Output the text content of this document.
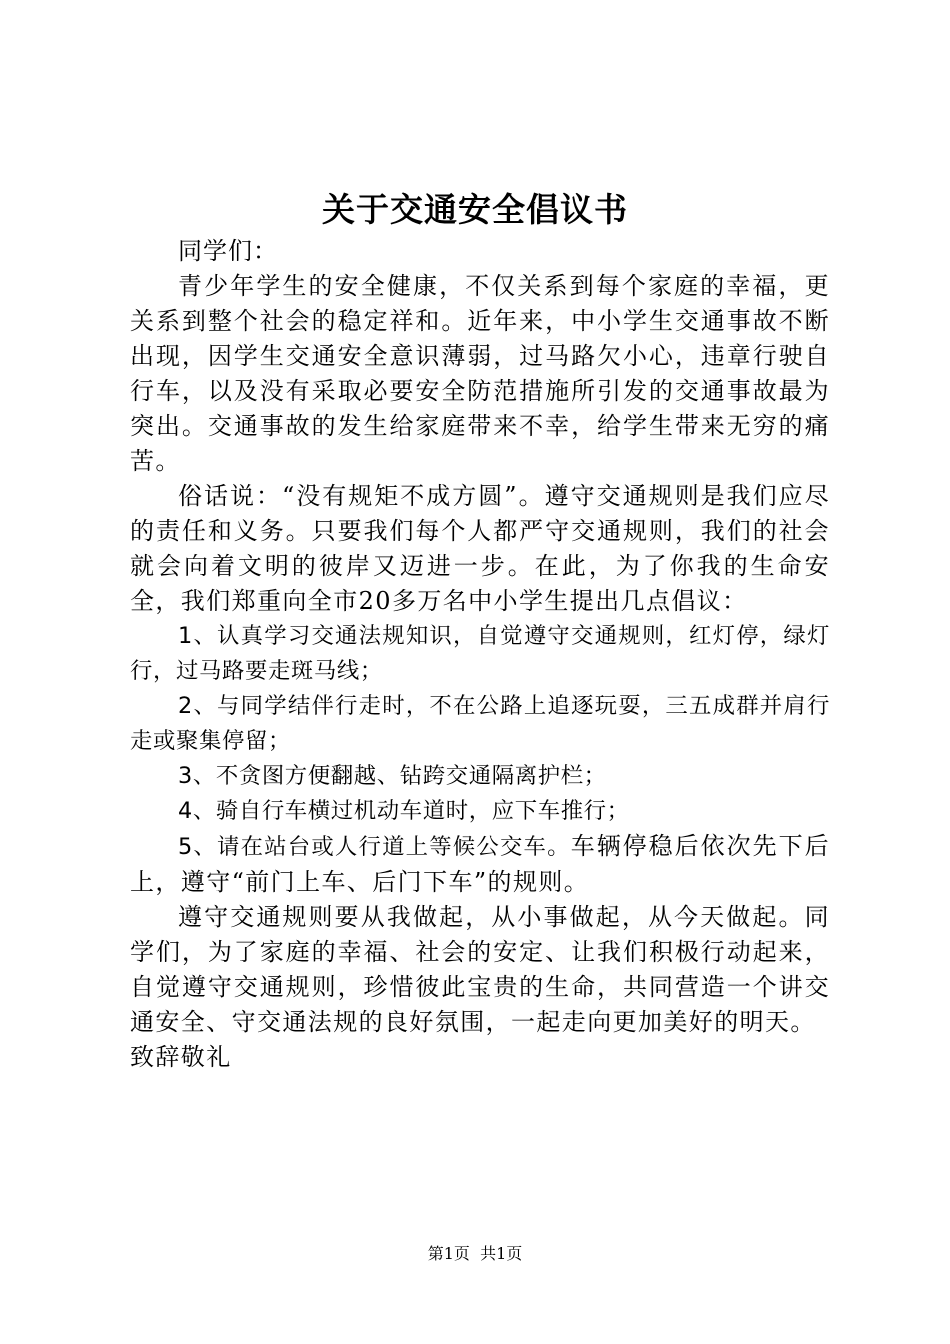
关于交通安全倡议书

同学们：

青少年学生的安全健康，不仅关系到每个家庭的幸福，更关系到整个社会的稳定祥和。近年来，中小学生交通事故不断出现，因学生交通安全意识薄弱，过马路欠小心，违章行驶自行车，以及没有采取必要安全防范措施所引发的交通事故最为突出。交通事故的发生给家庭带来不幸，给学生带来无穷的痛苦。

俗话说：“没有规矩不成方圆”。遵守交通规则是我们应尽的责任和义务。只要我们每个人都严守交通规则，我们的社会就会向着文明的彼岸又迈进一步。在此，为了你我的生命安全，我们郑重向全市20多万名中小学生提出几点倡议：

1、认真学习交通法规知识，自觉遵守交通规则，红灯停，绿灯行，过马路要走斑马线；

2、与同学结伴行走时，不在公路上追逐玩耍，三五成群并肩行走或聚集停留；

3、不贪图方便翻越、钻跨交通隔离护栏；

4、骑自行车横过机动车道时，应下车推行；

5、请在站台或人行道上等候公交车。车辆停稳后依次先下后上，遵守“前门上车、后门下车”的规则。

遵守交通规则要从我做起，从小事做起，从今天做起。同学们，为了家庭的幸福、社会的安定、让我们积极行动起来，自觉遵守交通规则，珍惜彼此宝贵的生命，共同营造一个讲交通安全、守交通法规的良好氛围，一起走向更加美好的明天。

致辞敬礼

第1页 共1页
